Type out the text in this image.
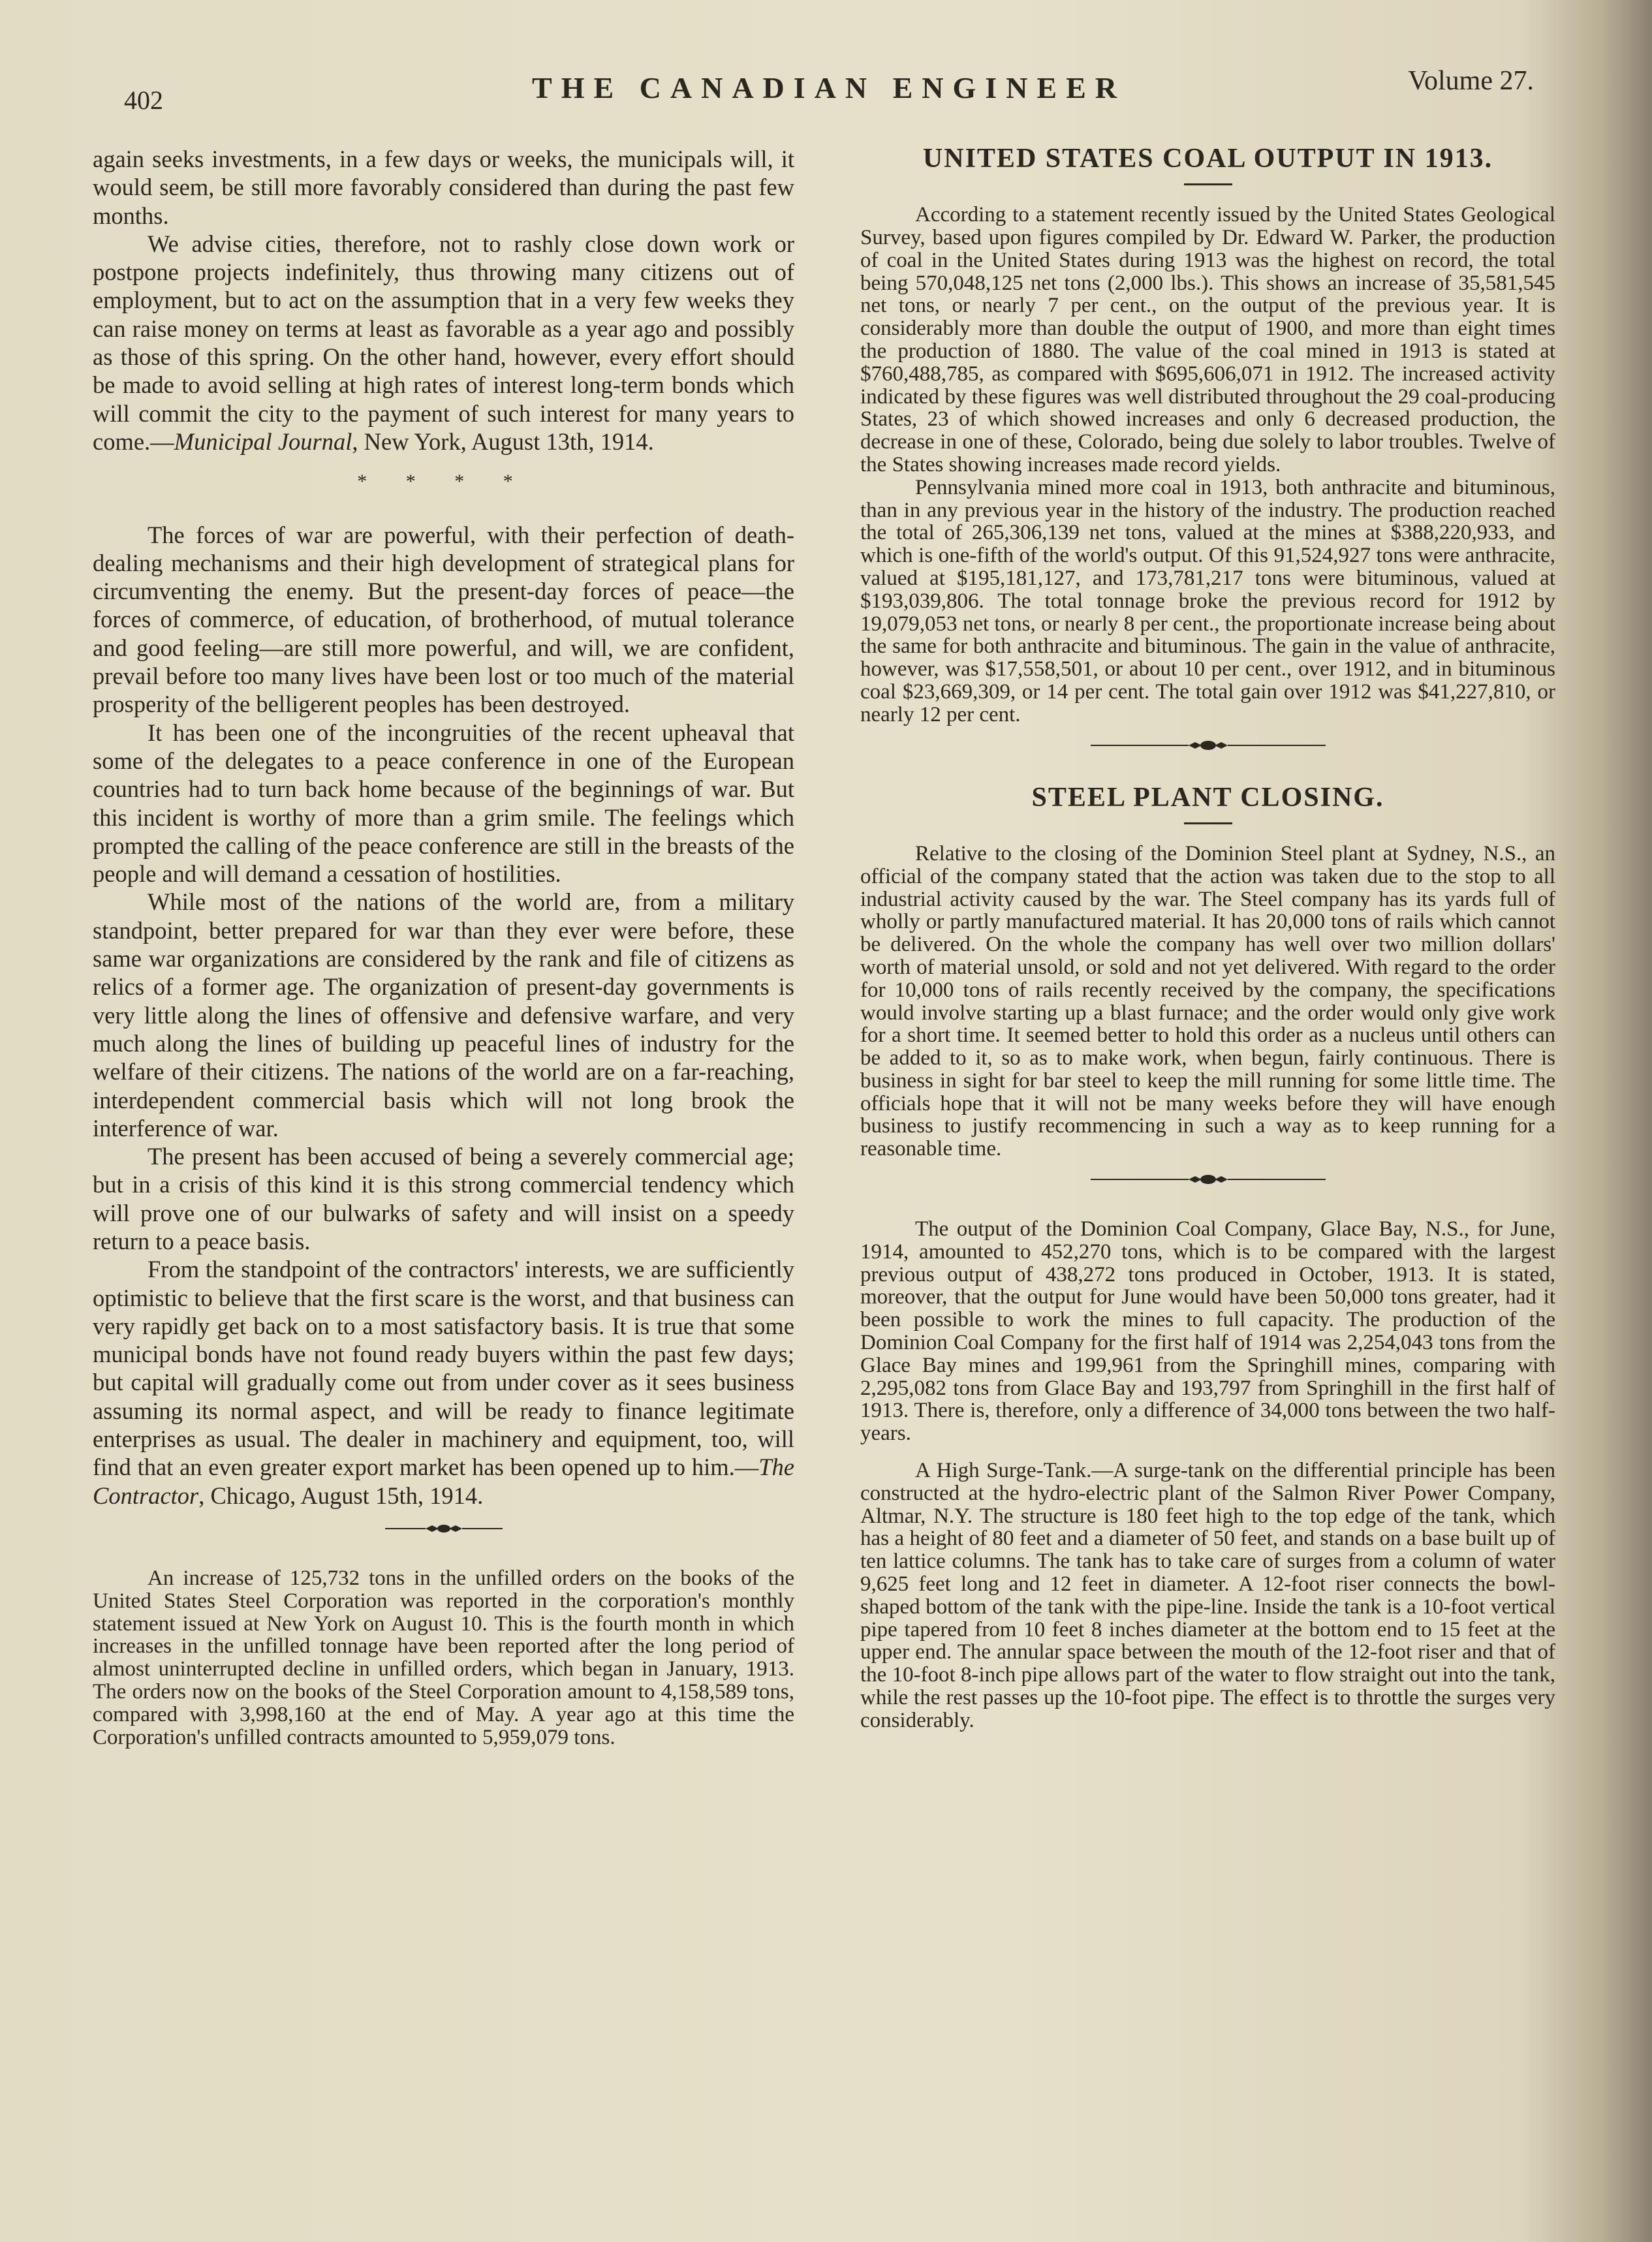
402	THE CANADIAN ENGINEER	Volume 27.

again seeks investments, in a few days or weeks, the municipals will, it would seem, be still more favorably considered than during the past few months.

We advise cities, therefore, not to rashly close down work or postpone projects indefinitely, thus throwing many citizens out of employment, but to act on the assumption that in a very few weeks they can raise money on terms at least as favorable as a year ago and possibly as those of this spring. On the other hand, however, every effort should be made to avoid selling at high rates of interest long-term bonds which will commit the city to the payment of such interest for many years to come.—Municipal Journal, New York, August 13th, 1914.

* * * *

The forces of war are powerful, with their perfection of death-dealing mechanisms and their high development of strategical plans for circumventing the enemy. But the present-day forces of peace—the forces of commerce, of education, of brotherhood, of mutual tolerance and good feeling—are still more powerful, and will, we are confident, prevail before too many lives have been lost or too much of the material prosperity of the belligerent peoples has been destroyed.

It has been one of the incongruities of the recent upheaval that some of the delegates to a peace conference in one of the European countries had to turn back home because of the beginnings of war. But this incident is worthy of more than a grim smile. The feelings which prompted the calling of the peace conference are still in the breasts of the people and will demand a cessation of hostilities.

While most of the nations of the world are, from a military standpoint, better prepared for war than they ever were before, these same war organizations are considered by the rank and file of citizens as relics of a former age. The organization of present-day governments is very little along the lines of offensive and defensive warfare, and very much along the lines of building up peaceful lines of industry for the welfare of their citizens. The nations of the world are on a far-reaching, interdependent commercial basis which will not long brook the interference of war.

The present has been accused of being a severely commercial age; but in a crisis of this kind it is this strong commercial tendency which will prove one of our bulwarks of safety and will insist on a speedy return to a peace basis.

From the standpoint of the contractors' interests, we are sufficiently optimistic to believe that the first scare is the worst, and that business can very rapidly get back on to a most satisfactory basis. It is true that some municipal bonds have not found ready buyers within the past few days; but capital will gradually come out from under cover as it sees business assuming its normal aspect, and will be ready to finance legitimate enterprises as usual. The dealer in machinery and equipment, too, will find that an even greater export market has been opened up to him.—The Contractor, Chicago, August 15th, 1914.

An increase of 125,732 tons in the unfilled orders on the books of the United States Steel Corporation was reported in the corporation's monthly statement issued at New York on August 10. This is the fourth month in which increases in the unfilled tonnage have been reported after the long period of almost uninterrupted decline in unfilled orders, which began in January, 1913. The orders now on the books of the Steel Corporation amount to 4,158,589 tons, compared with 3,998,160 at the end of May. A year ago at this time the Corporation's unfilled contracts amounted to 5,959,079 tons.

UNITED STATES COAL OUTPUT IN 1913.

According to a statement recently issued by the United States Geological Survey, based upon figures compiled by Dr. Edward W. Parker, the production of coal in the United States during 1913 was the highest on record, the total being 570,048,125 net tons (2,000 lbs.). This shows an increase of 35,581,545 net tons, or nearly 7 per cent., on the output of the previous year. It is considerably more than double the output of 1900, and more than eight times the production of 1880. The value of the coal mined in 1913 is stated at $760,488,785, as compared with $695,606,071 in 1912. The increased activity indicated by these figures was well distributed throughout the 29 coal-producing States, 23 of which showed increases and only 6 decreased production, the decrease in one of these, Colorado, being due solely to labor troubles. Twelve of the States showing increases made record yields.

Pennsylvania mined more coal in 1913, both anthracite and bituminous, than in any previous year in the history of the industry. The production reached the total of 265,306,139 net tons, valued at the mines at $388,220,933, and which is one-fifth of the world's output. Of this 91,524,927 tons were anthracite, valued at $195,181,127, and 173,781,217 tons were bituminous, valued at $193,039,806. The total tonnage broke the previous record for 1912 by 19,079,053 net tons, or nearly 8 per cent., the proportionate increase being about the same for both anthracite and bituminous. The gain in the value of anthracite, however, was $17,558,501, or about 10 per cent., over 1912, and in bituminous coal $23,669,309, or 14 per cent. The total gain over 1912 was $41,227,810, or nearly 12 per cent.

STEEL PLANT CLOSING.

Relative to the closing of the Dominion Steel plant at Sydney, N.S., an official of the company stated that the action was taken due to the stop to all industrial activity caused by the war. The Steel company has its yards full of wholly or partly manufactured material. It has 20,000 tons of rails which cannot be delivered. On the whole the company has well over two million dollars' worth of material unsold, or sold and not yet delivered. With regard to the order for 10,000 tons of rails recently received by the company, the specifications would involve starting up a blast furnace; and the order would only give work for a short time. It seemed better to hold this order as a nucleus until others can be added to it, so as to make work, when begun, fairly continuous. There is business in sight for bar steel to keep the mill running for some little time. The officials hope that it will not be many weeks before they will have enough business to justify recommencing in such a way as to keep running for a reasonable time.

The output of the Dominion Coal Company, Glace Bay, N.S., for June, 1914, amounted to 452,270 tons, which is to be compared with the largest previous output of 438,272 tons produced in October, 1913. It is stated, moreover, that the output for June would have been 50,000 tons greater, had it been possible to work the mines to full capacity. The production of the Dominion Coal Company for the first half of 1914 was 2,254,043 tons from the Glace Bay mines and 199,961 from the Springhill mines, comparing with 2,295,082 tons from Glace Bay and 193,797 from Springhill in the first half of 1913. There is, therefore, only a difference of 34,000 tons between the two half-years.

A High Surge-Tank.—A surge-tank on the differential principle has been constructed at the hydro-electric plant of the Salmon River Power Company, Altmar, N.Y. The structure is 180 feet high to the top edge of the tank, which has a height of 80 feet and a diameter of 50 feet, and stands on a base built up of ten lattice columns. The tank has to take care of surges from a column of water 9,625 feet long and 12 feet in diameter. A 12-foot riser connects the bowl-shaped bottom of the tank with the pipe-line. Inside the tank is a 10-foot vertical pipe tapered from 10 feet 8 inches diameter at the bottom end to 15 feet at the upper end. The annular space between the mouth of the 12-foot riser and that of the 10-foot 8-inch pipe allows part of the water to flow straight out into the tank, while the rest passes up the 10-foot pipe. The effect is to throttle the surges very considerably.
